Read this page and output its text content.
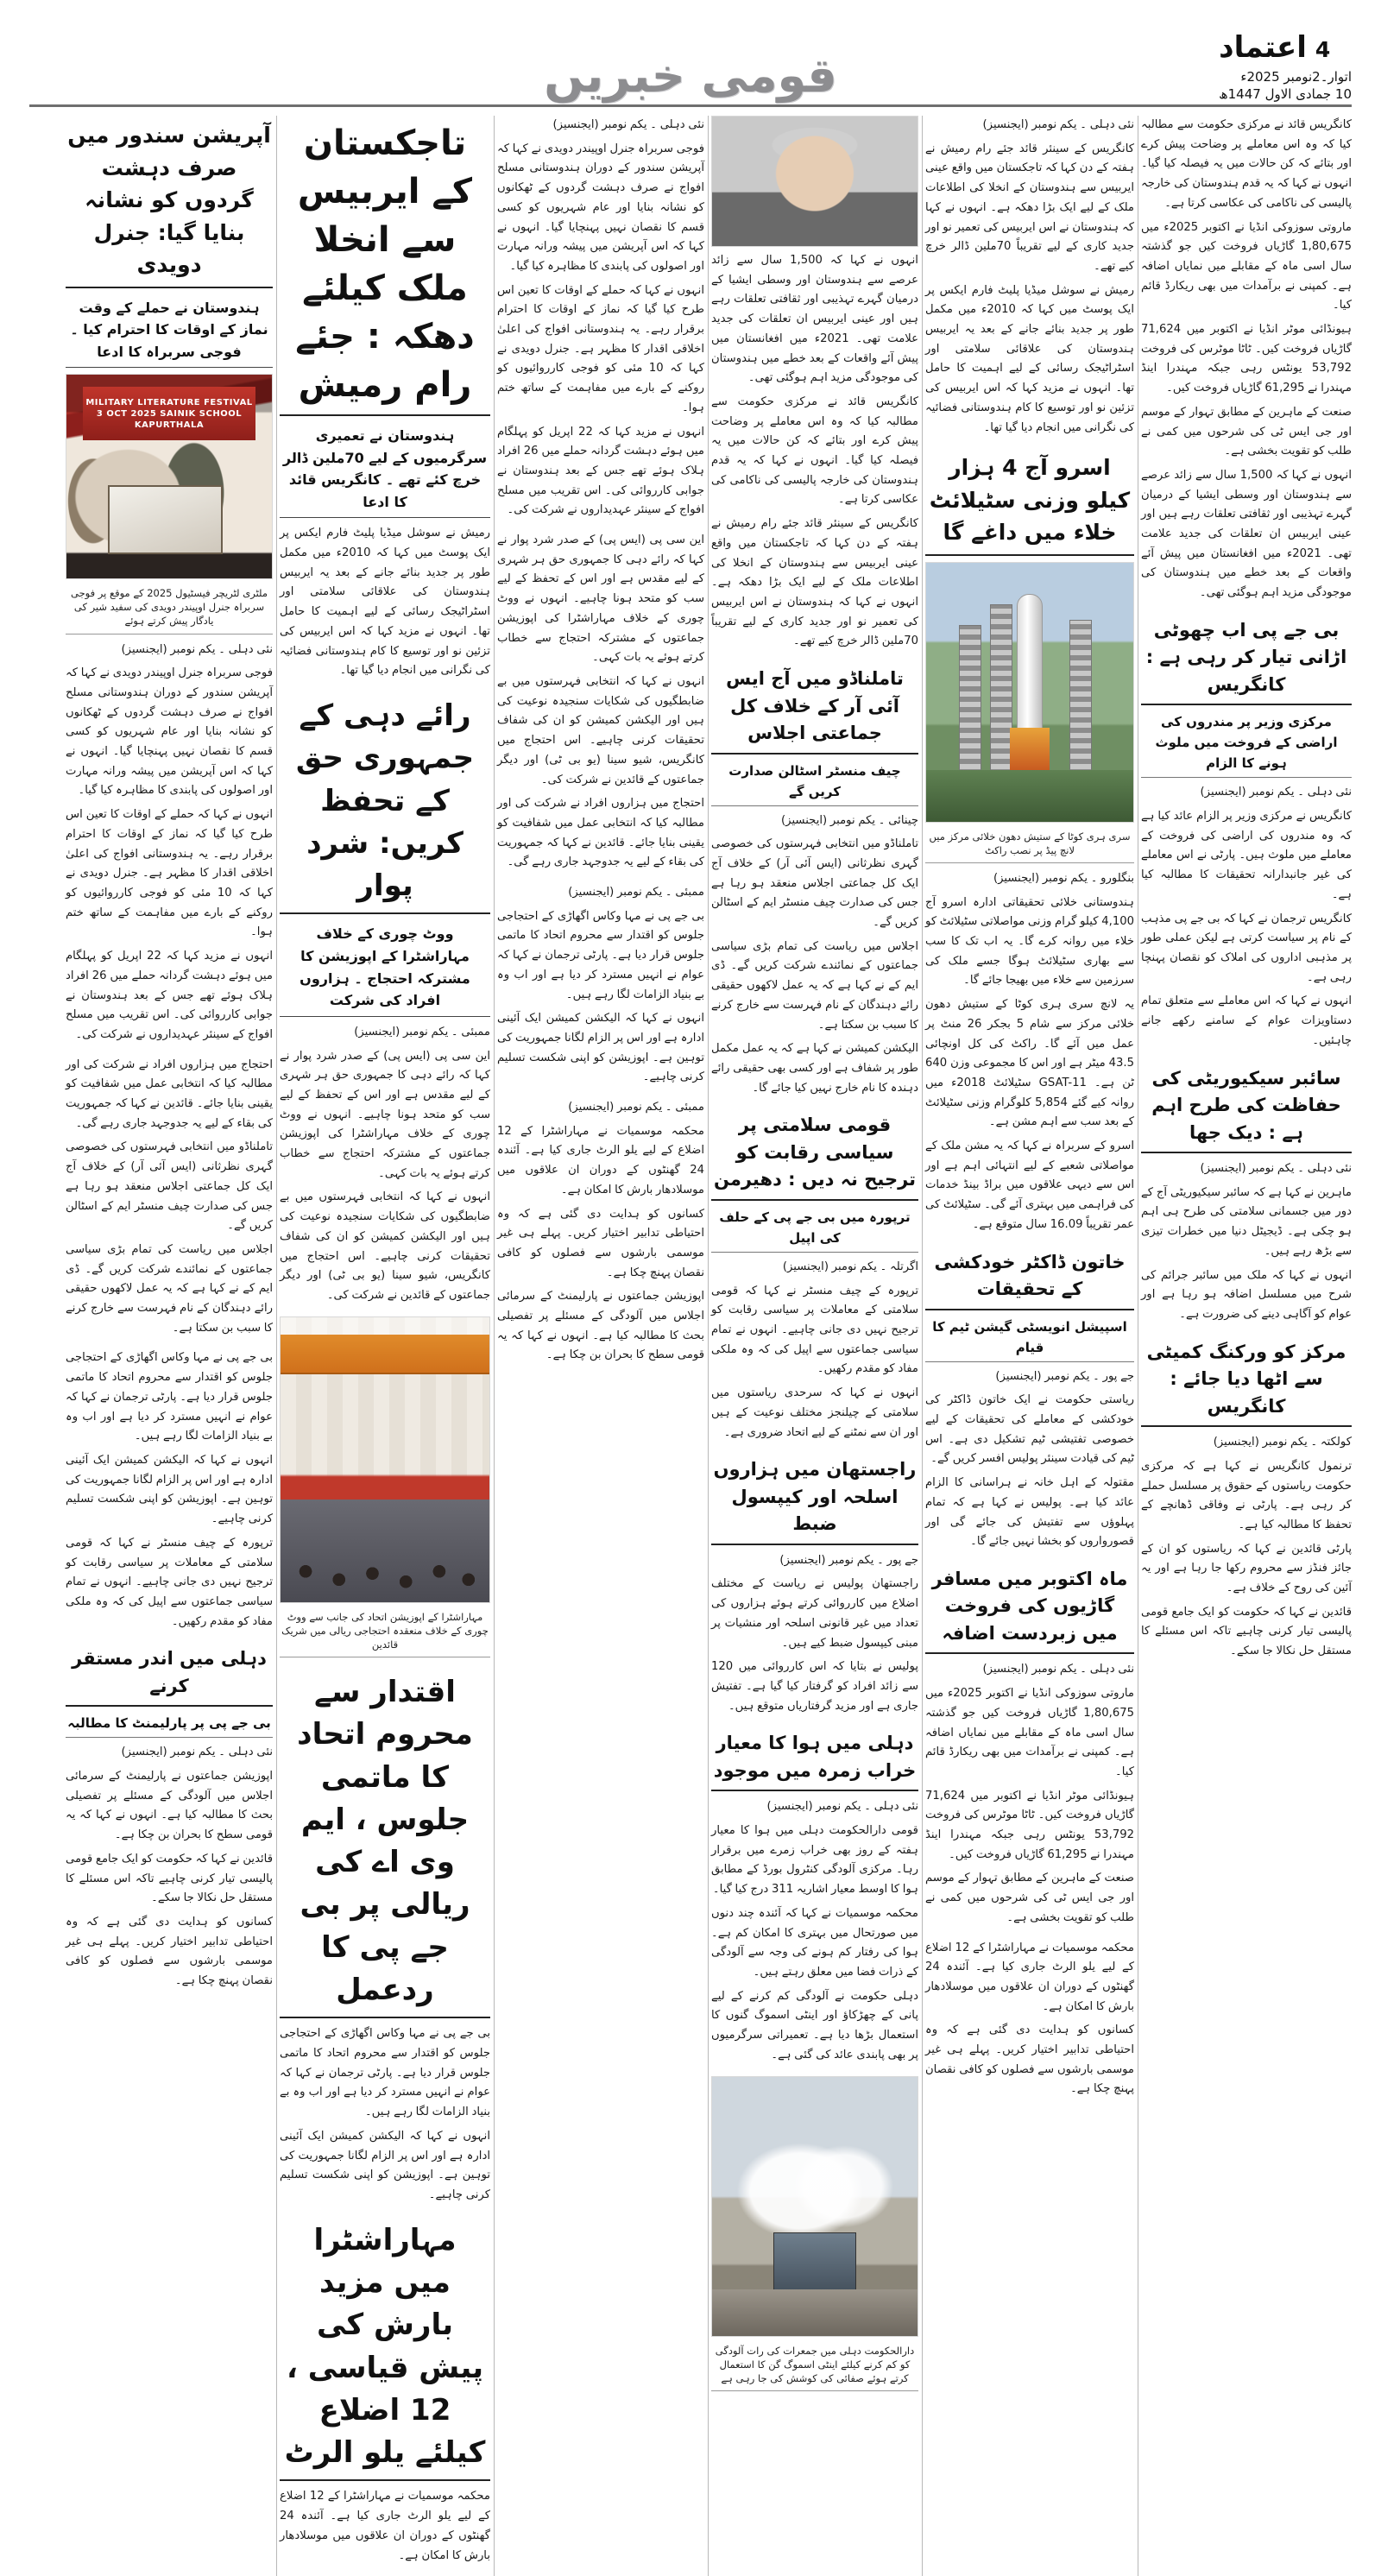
قومی خبریں	4
اعتماد
اتوار۔2نومبر 2025ء
10 جمادی الاول 1447ھ

کانگریس قائد نے مرکزی حکومت سے مطالبہ کیا کہ وہ اس معاملے پر وضاحت پیش کرے اور بتائے کہ کن حالات میں یہ فیصلہ کیا گیا۔ انہوں نے کہا کہ یہ قدم ہندوستان کی خارجہ پالیسی کی ناکامی کی عکاسی کرتا ہے۔

ماروتی سوزوکی انڈیا نے اکتوبر 2025ء میں 1,80,675 گاڑیاں فروخت کیں جو گذشتہ سال اسی ماہ کے مقابلے میں نمایاں اضافہ ہے۔ کمپنی نے برآمدات میں بھی ریکارڈ قائم کیا۔

ہیونڈائی موٹر انڈیا نے اکتوبر میں 71,624 گاڑیاں فروخت کیں۔ ٹاٹا موٹرس کی فروخت 53,792 یونٹس رہی جبکہ مہندرا اینڈ مہندرا نے 61,295 گاڑیاں فروخت کیں۔

صنعت کے ماہرین کے مطابق تہوار کے موسم اور جی ایس ٹی کی شرحوں میں کمی نے طلب کو تقویت بخشی ہے۔

انہوں نے کہا کہ 1,500 سال سے زائد عرصے سے ہندوستان اور وسطی ایشیا کے درمیان گہرے تہذیبی اور ثقافتی تعلقات رہے ہیں اور عینی ایربیس ان تعلقات کی جدید علامت تھی۔ 2021ء میں افغانستان میں پیش آئے واقعات کے بعد خطے میں ہندوستان کی موجودگی مزید اہم ہوگئی تھی۔

بی جے پی اب چھوٹی اڑانی تیار کر رہی ہے : کانگریس
مرکزی وزیر پر مندروں کی اراضی کے فروخت میں ملوث ہونے کا الزام

نئی دہلی ۔ یکم نومبر (ایجنسیز)

کانگریس نے مرکزی وزیر پر الزام عائد کیا ہے کہ وہ مندروں کی اراضی کی فروخت کے معاملے میں ملوث ہیں۔ پارٹی نے اس معاملے کی غیر جانبدارانہ تحقیقات کا مطالبہ کیا ہے۔

کانگریس ترجمان نے کہا کہ بی جے پی مذہب کے نام پر سیاست کرتی ہے لیکن عملی طور پر مذہبی اداروں کی املاک کو نقصان پہنچا رہی ہے۔

انہوں نے کہا کہ اس معاملے سے متعلق تمام دستاویزات عوام کے سامنے رکھے جانے چاہئیں۔

سائبر سیکیوریٹی کی حفاظت کی طرح اہم ہے : دیک جھا

نئی دہلی ۔ یکم نومبر (ایجنسیز)

ماہرین نے کہا ہے کہ سائبر سیکیوریٹی آج کے دور میں جسمانی سلامتی کی طرح ہی اہم ہو چکی ہے۔ ڈیجیٹل دنیا میں خطرات تیزی سے بڑھ رہے ہیں۔

انہوں نے کہا کہ ملک میں سائبر جرائم کی شرح میں مسلسل اضافہ ہو رہا ہے اور عوام کو آگاہی دینے کی ضرورت ہے۔

مرکز کو ورکنگ کمیٹی سے اٹھا دیا جائے : کانگریس

کولکتہ ۔ یکم نومبر (ایجنسیز)

ترنمول کانگریس نے کہا ہے کہ مرکزی حکومت ریاستوں کے حقوق پر مسلسل حملے کر رہی ہے۔ پارٹی نے وفاقی ڈھانچے کے تحفظ کا مطالبہ کیا ہے۔

پارٹی قائدین نے کہا کہ ریاستوں کو ان کے جائز فنڈز سے محروم رکھا جا رہا ہے اور یہ آئین کی روح کے خلاف ہے۔

قائدین نے کہا کہ حکومت کو ایک جامع قومی پالیسی تیار کرنی چاہیے تاکہ اس مسئلے کا مستقل حل نکالا جا سکے۔

نئی دہلی ۔ یکم نومبر (ایجنسیز)

کانگریس کے سینئر قائد جئے رام رمیش نے ہفتہ کے دن کہا کہ تاجکستان میں واقع عینی ایربیس سے ہندوستان کے انخلا کی اطلاعات ملک کے لیے ایک بڑا دھکہ ہے۔ انہوں نے کہا کہ ہندوستان نے اس ایربیس کی تعمیر نو اور جدید کاری کے لیے تقریباً 70ملین ڈالر خرچ کیے تھے۔

رمیش نے سوشل میڈیا پلیٹ فارم ایکس پر ایک پوسٹ میں کہا کہ 2010ء میں مکمل طور پر جدید بنائے جانے کے بعد یہ ایربیس ہندوستان کی علاقائی سلامتی اور اسٹراٹیجک رسائی کے لیے اہمیت کا حامل تھا۔ انہوں نے مزید کہا کہ اس ایربیس کی تزئین نو اور توسیع کا کام ہندوستانی فضائیہ کی نگرانی میں انجام دیا گیا تھا۔

اسرو آج 4 ہزار کیلو وزنی سٹیلائٹ خلاء میں داغے گا
سری ہری کوٹا کے ستیش دھون خلائی مرکز میں لانچ پیڈ پر نصب راکٹ

بنگلورو ۔ یکم نومبر (ایجنسیز)

ہندوستانی خلائی تحقیقاتی ادارہ اسرو آج 4,100 کیلو گرام وزنی مواصلاتی سٹیلائٹ کو خلاء میں روانہ کرے گا۔ یہ اب تک کا سب سے بھاری سٹیلائٹ ہوگا جسے ملک کی سرزمین سے خلاء میں بھیجا جائے گا۔

یہ لانچ سری ہری کوٹا کے ستیش دھون خلائی مرکز سے شام 5 بجکر 26 منٹ پر عمل میں آئے گا۔ راکٹ کی کل اونچائی 43.5 میٹر ہے اور اس کا مجموعی وزن 640 ٹن ہے۔ GSAT-11 سٹیلائٹ 2018ء میں روانہ کیے گئے 5,854 کلوگرام وزنی سٹیلائٹ کے بعد سب سے اہم مشن ہے۔

اسرو کے سربراہ نے کہا کہ یہ مشن ملک کے مواصلاتی شعبے کے لیے انتہائی اہم ہے اور اس سے دیہی علاقوں میں براڈ بینڈ خدمات کی فراہمی میں بہتری آئے گی۔ سٹیلائٹ کی عمر تقریباً 16.09 سال متوقع ہے۔

خاتون ڈاکٹر خودکشی کے تحقیقات
اسپیشل انویسٹی گیشن ٹیم کا قیام

جے پور ۔ یکم نومبر (ایجنسیز)

ریاستی حکومت نے ایک خاتون ڈاکٹر کی خودکشی کے معاملے کی تحقیقات کے لیے خصوصی تفتیشی ٹیم تشکیل دی ہے۔ اس ٹیم کی قیادت سینئر پولیس افسر کریں گے۔

مقتولہ کے اہل خانہ نے ہراسانی کا الزام عائد کیا ہے۔ پولیس نے کہا ہے کہ تمام پہلوؤں سے تفتیش کی جائے گی اور قصورواروں کو بخشا نہیں جائے گا۔

ماہ اکتوبر میں مسافر گاڑیوں کی فروخت میں زبردست اضافہ

نئی دہلی ۔ یکم نومبر (ایجنسیز)

ماروتی سوزوکی انڈیا نے اکتوبر 2025ء میں 1,80,675 گاڑیاں فروخت کیں جو گذشتہ سال اسی ماہ کے مقابلے میں نمایاں اضافہ ہے۔ کمپنی نے برآمدات میں بھی ریکارڈ قائم کیا۔

ہیونڈائی موٹر انڈیا نے اکتوبر میں 71,624 گاڑیاں فروخت کیں۔ ٹاٹا موٹرس کی فروخت 53,792 یونٹس رہی جبکہ مہندرا اینڈ مہندرا نے 61,295 گاڑیاں فروخت کیں۔

صنعت کے ماہرین کے مطابق تہوار کے موسم اور جی ایس ٹی کی شرحوں میں کمی نے طلب کو تقویت بخشی ہے۔

محکمہ موسمیات نے مہاراشٹرا کے 12 اضلاع کے لیے یلو الرٹ جاری کیا ہے۔ آئندہ 24 گھنٹوں کے دوران ان علاقوں میں موسلادھار بارش کا امکان ہے۔

کسانوں کو ہدایت دی گئی ہے کہ وہ احتیاطی تدابیر اختیار کریں۔ پہلے ہی غیر موسمی بارشوں سے فصلوں کو کافی نقصان پہنچ چکا ہے۔

انہوں نے کہا کہ 1,500 سال سے زائد عرصے سے ہندوستان اور وسطی ایشیا کے درمیان گہرے تہذیبی اور ثقافتی تعلقات رہے ہیں اور عینی ایربیس ان تعلقات کی جدید علامت تھی۔ 2021ء میں افغانستان میں پیش آئے واقعات کے بعد خطے میں ہندوستان کی موجودگی مزید اہم ہوگئی تھی۔

کانگریس قائد نے مرکزی حکومت سے مطالبہ کیا کہ وہ اس معاملے پر وضاحت پیش کرے اور بتائے کہ کن حالات میں یہ فیصلہ کیا گیا۔ انہوں نے کہا کہ یہ قدم ہندوستان کی خارجہ پالیسی کی ناکامی کی عکاسی کرتا ہے۔

کانگریس کے سینئر قائد جئے رام رمیش نے ہفتہ کے دن کہا کہ تاجکستان میں واقع عینی ایربیس سے ہندوستان کے انخلا کی اطلاعات ملک کے لیے ایک بڑا دھکہ ہے۔ انہوں نے کہا کہ ہندوستان نے اس ایربیس کی تعمیر نو اور جدید کاری کے لیے تقریباً 70ملین ڈالر خرچ کیے تھے۔

تاملناڈو میں آج ایس آئی آر کے خلاف کل جماعتی اجلاس
چیف منسٹر اسٹالن صدارت کریں گے

چینائی ۔ یکم نومبر (ایجنسیز)

تاملناڈو میں انتخابی فہرستوں کی خصوصی گہری نظرثانی (ایس آئی آر) کے خلاف آج ایک کل جماعتی اجلاس منعقد ہو رہا ہے جس کی صدارت چیف منسٹر ایم کے اسٹالن کریں گے۔

اجلاس میں ریاست کی تمام بڑی سیاسی جماعتوں کے نمائندے شرکت کریں گے۔ ڈی ایم کے نے کہا ہے کہ یہ عمل لاکھوں حقیقی رائے دہندگان کے نام فہرست سے خارج کرنے کا سبب بن سکتا ہے۔

الیکشن کمیشن نے کہا ہے کہ یہ عمل مکمل طور پر شفاف ہے اور کسی بھی حقیقی رائے دہندہ کا نام خارج نہیں کیا جائے گا۔

قومی سلامتی پر سیاسی رقابت کو ترجیح نہ دیں : دھیرمن
ترپورہ میں بی جے پی کے حلف کی اپیل

اگرتلہ ۔ یکم نومبر (ایجنسیز)

ترپورہ کے چیف منسٹر نے کہا کہ قومی سلامتی کے معاملات پر سیاسی رقابت کو ترجیح نہیں دی جانی چاہیے۔ انہوں نے تمام سیاسی جماعتوں سے اپیل کی کہ وہ ملکی مفاد کو مقدم رکھیں۔

انہوں نے کہا کہ سرحدی ریاستوں میں سلامتی کے چیلنجز مختلف نوعیت کے ہیں اور ان سے نمٹنے کے لیے اتحاد ضروری ہے۔

راجستھان میں ہزاروں اسلحہ اور کیپسول ضبط

جے پور ۔ یکم نومبر (ایجنسیز)

راجستھان پولیس نے ریاست کے مختلف اضلاع میں کارروائی کرتے ہوئے ہزاروں کی تعداد میں غیر قانونی اسلحہ اور منشیات پر مبنی کیپسول ضبط کیے ہیں۔

پولیس نے بتایا کہ اس کارروائی میں 120 سے زائد افراد کو گرفتار کیا گیا ہے۔ تفتیش جاری ہے اور مزید گرفتاریاں متوقع ہیں۔

دہلی میں ہوا کا معیار خراب زمرہ میں موجود

نئی دہلی ۔ یکم نومبر (ایجنسیز)

قومی دارالحکومت دہلی میں ہوا کا معیار ہفتہ کے روز بھی خراب زمرے میں برقرار رہا۔ مرکزی آلودگی کنٹرول بورڈ کے مطابق ہوا کا اوسط معیار اشاریہ 311 درج کیا گیا۔

محکمہ موسمیات نے کہا کہ آئندہ چند دنوں میں صورتحال میں بہتری کا امکان کم ہے۔ ہوا کی رفتار کم ہونے کی وجہ سے آلودگی کے ذرات فضا میں معلق رہتے ہیں۔

دہلی حکومت نے آلودگی کم کرنے کے لیے پانی کے چھڑکاؤ اور اینٹی اسموگ گنوں کا استعمال بڑھا دیا ہے۔ تعمیراتی سرگرمیوں پر بھی پابندی عائد کی گئی ہے۔

دارالحکومت دہلی میں جمعرات کی رات آلودگی کو کم کرنے کیلئے اینٹی اسموگ گن کا استعمال کرتے ہوئے صفائی کی کوشش کی جا رہی ہے

نئی دہلی ۔ یکم نومبر (ایجنسیز)

فوجی سربراہ جنرل اوپیندر دویدی نے کہا کہ آپریشن سندور کے دوران ہندوستانی مسلح افواج نے صرف دہشت گردوں کے ٹھکانوں کو نشانہ بنایا اور عام شہریوں کو کسی قسم کا نقصان نہیں پہنچایا گیا۔ انہوں نے کہا کہ اس آپریشن میں پیشہ ورانہ مہارت اور اصولوں کی پابندی کا مظاہرہ کیا گیا۔

انہوں نے کہا کہ حملے کے اوقات کا تعین اس طرح کیا گیا کہ نماز کے اوقات کا احترام برقرار رہے۔ یہ ہندوستانی افواج کی اعلیٰ اخلاقی اقدار کا مظہر ہے۔ جنرل دویدی نے کہا کہ 10 مئی کو فوجی کارروائیوں کو روکنے کے بارے میں مفاہمت کے ساتھ ختم ہوا۔

انہوں نے مزید کہا کہ 22 اپریل کو پہلگام میں ہوئے دہشت گردانہ حملے میں 26 افراد ہلاک ہوئے تھے جس کے بعد ہندوستان نے جوابی کارروائی کی۔ اس تقریب میں مسلح افواج کے سینئر عہدیداروں نے شرکت کی۔

این سی پی (ایس پی) کے صدر شرد پوار نے کہا کہ رائے دہی کا جمہوری حق ہر شہری کے لیے مقدس ہے اور اس کے تحفظ کے لیے سب کو متحد ہونا چاہیے۔ انہوں نے ووٹ چوری کے خلاف مہاراشٹرا کی اپوزیشن جماعتوں کے مشترکہ احتجاج سے خطاب کرتے ہوئے یہ بات کہی۔

انہوں نے کہا کہ انتخابی فہرستوں میں بے ضابطگیوں کی شکایات سنجیدہ نوعیت کی ہیں اور الیکشن کمیشن کو ان کی شفاف تحقیقات کرنی چاہیے۔ اس احتجاج میں کانگریس، شیو سینا (یو بی ٹی) اور دیگر جماعتوں کے قائدین نے شرکت کی۔

احتجاج میں ہزاروں افراد نے شرکت کی اور مطالبہ کیا کہ انتخابی عمل میں شفافیت کو یقینی بنایا جائے۔ قائدین نے کہا کہ جمہوریت کی بقاء کے لیے یہ جدوجہد جاری رہے گی۔

ممبئی ۔ یکم نومبر (ایجنسیز)

بی جے پی نے مہا وکاس اگھاڑی کے احتجاجی جلوس کو اقتدار سے محروم اتحاد کا ماتمی جلوس قرار دیا ہے۔ پارٹی ترجمان نے کہا کہ عوام نے انہیں مسترد کر دیا ہے اور اب وہ بے بنیاد الزامات لگا رہے ہیں۔

انہوں نے کہا کہ الیکشن کمیشن ایک آئینی ادارہ ہے اور اس پر الزام لگانا جمہوریت کی توہین ہے۔ اپوزیشن کو اپنی شکست تسلیم کرنی چاہیے۔

ممبئی ۔ یکم نومبر (ایجنسیز)

محکمہ موسمیات نے مہاراشٹرا کے 12 اضلاع کے لیے یلو الرٹ جاری کیا ہے۔ آئندہ 24 گھنٹوں کے دوران ان علاقوں میں موسلادھار بارش کا امکان ہے۔

کسانوں کو ہدایت دی گئی ہے کہ وہ احتیاطی تدابیر اختیار کریں۔ پہلے ہی غیر موسمی بارشوں سے فصلوں کو کافی نقصان پہنچ چکا ہے۔

اپوزیشن جماعتوں نے پارلیمنٹ کے سرمائی اجلاس میں آلودگی کے مسئلے پر تفصیلی بحث کا مطالبہ کیا ہے۔ انہوں نے کہا کہ یہ قومی سطح کا بحران بن چکا ہے۔

تاجکستان کے ایربیس سے انخلا ملک کیلئے دھکہ : جئے رام رمیش
ہندوستان نے تعمیری سرگرمیوں کے لیے 70ملین ڈالر خرچ کئے تھے ۔ کانگریس قائد کا ادعا

رمیش نے سوشل میڈیا پلیٹ فارم ایکس پر ایک پوسٹ میں کہا کہ 2010ء میں مکمل طور پر جدید بنائے جانے کے بعد یہ ایربیس ہندوستان کی علاقائی سلامتی اور اسٹراٹیجک رسائی کے لیے اہمیت کا حامل تھا۔ انہوں نے مزید کہا کہ اس ایربیس کی تزئین نو اور توسیع کا کام ہندوستانی فضائیہ کی نگرانی میں انجام دیا گیا تھا۔

رائے دہی کے جمہوری حق کے تحفظ کریں: شرد پوار
ووٹ چوری کے خلاف مہاراشٹرا کے اپوزیشن کا مشترکہ احتجاج ۔ ہزاروں افراد کی شرکت

ممبئی ۔ یکم نومبر (ایجنسیز)

این سی پی (ایس پی) کے صدر شرد پوار نے کہا کہ رائے دہی کا جمہوری حق ہر شہری کے لیے مقدس ہے اور اس کے تحفظ کے لیے سب کو متحد ہونا چاہیے۔ انہوں نے ووٹ چوری کے خلاف مہاراشٹرا کی اپوزیشن جماعتوں کے مشترکہ احتجاج سے خطاب کرتے ہوئے یہ بات کہی۔

انہوں نے کہا کہ انتخابی فہرستوں میں بے ضابطگیوں کی شکایات سنجیدہ نوعیت کی ہیں اور الیکشن کمیشن کو ان کی شفاف تحقیقات کرنی چاہیے۔ اس احتجاج میں کانگریس، شیو سینا (یو بی ٹی) اور دیگر جماعتوں کے قائدین نے شرکت کی۔

مہاراشٹرا کے اپوزیشن اتحاد کی جانب سے ووٹ چوری کے خلاف منعقدہ احتجاجی ریالی میں شریک قائدین
اقتدار سے محروم اتحاد کا ماتمی جلوس ، ایم وی اے کی ریالی پر بی جے پی کا ردعمل

بی جے پی نے مہا وکاس اگھاڑی کے احتجاجی جلوس کو اقتدار سے محروم اتحاد کا ماتمی جلوس قرار دیا ہے۔ پارٹی ترجمان نے کہا کہ عوام نے انہیں مسترد کر دیا ہے اور اب وہ بے بنیاد الزامات لگا رہے ہیں۔

انہوں نے کہا کہ الیکشن کمیشن ایک آئینی ادارہ ہے اور اس پر الزام لگانا جمہوریت کی توہین ہے۔ اپوزیشن کو اپنی شکست تسلیم کرنی چاہیے۔

مہاراشٹرا میں مزید بارش کی پیش قیاسی ، 12 اضلاع کیلئے یلو الرٹ

محکمہ موسمیات نے مہاراشٹرا کے 12 اضلاع کے لیے یلو الرٹ جاری کیا ہے۔ آئندہ 24 گھنٹوں کے دوران ان علاقوں میں موسلادھار بارش کا امکان ہے۔

آپریشن سندور میں صرف دہشت گردوں کو نشانہ بنایا گیا: جنرل دویدی
ہندوستان نے حملے کے وقت نماز کے اوقات کا احترام کیا ۔ فوجی سربراہ کا ادعا
MILITARY LITERATURE FESTIVAL 3 OCT 2025 SAINIK SCHOOL KAPURTHALA
ملٹری لٹریچر فیسٹیول 2025 کے موقع پر فوجی سربراہ جنرل اوپیندر دویدی کی سفید شیر کی یادگار پیش کرتے ہوئے

نئی دہلی ۔ یکم نومبر (ایجنسیز)

فوجی سربراہ جنرل اوپیندر دویدی نے کہا کہ آپریشن سندور کے دوران ہندوستانی مسلح افواج نے صرف دہشت گردوں کے ٹھکانوں کو نشانہ بنایا اور عام شہریوں کو کسی قسم کا نقصان نہیں پہنچایا گیا۔ انہوں نے کہا کہ اس آپریشن میں پیشہ ورانہ مہارت اور اصولوں کی پابندی کا مظاہرہ کیا گیا۔

انہوں نے کہا کہ حملے کے اوقات کا تعین اس طرح کیا گیا کہ نماز کے اوقات کا احترام برقرار رہے۔ یہ ہندوستانی افواج کی اعلیٰ اخلاقی اقدار کا مظہر ہے۔ جنرل دویدی نے کہا کہ 10 مئی کو فوجی کارروائیوں کو روکنے کے بارے میں مفاہمت کے ساتھ ختم ہوا۔

انہوں نے مزید کہا کہ 22 اپریل کو پہلگام میں ہوئے دہشت گردانہ حملے میں 26 افراد ہلاک ہوئے تھے جس کے بعد ہندوستان نے جوابی کارروائی کی۔ اس تقریب میں مسلح افواج کے سینئر عہدیداروں نے شرکت کی۔

احتجاج میں ہزاروں افراد نے شرکت کی اور مطالبہ کیا کہ انتخابی عمل میں شفافیت کو یقینی بنایا جائے۔ قائدین نے کہا کہ جمہوریت کی بقاء کے لیے یہ جدوجہد جاری رہے گی۔

تاملناڈو میں انتخابی فہرستوں کی خصوصی گہری نظرثانی (ایس آئی آر) کے خلاف آج ایک کل جماعتی اجلاس منعقد ہو رہا ہے جس کی صدارت چیف منسٹر ایم کے اسٹالن کریں گے۔

اجلاس میں ریاست کی تمام بڑی سیاسی جماعتوں کے نمائندے شرکت کریں گے۔ ڈی ایم کے نے کہا ہے کہ یہ عمل لاکھوں حقیقی رائے دہندگان کے نام فہرست سے خارج کرنے کا سبب بن سکتا ہے۔

بی جے پی نے مہا وکاس اگھاڑی کے احتجاجی جلوس کو اقتدار سے محروم اتحاد کا ماتمی جلوس قرار دیا ہے۔ پارٹی ترجمان نے کہا کہ عوام نے انہیں مسترد کر دیا ہے اور اب وہ بے بنیاد الزامات لگا رہے ہیں۔

انہوں نے کہا کہ الیکشن کمیشن ایک آئینی ادارہ ہے اور اس پر الزام لگانا جمہوریت کی توہین ہے۔ اپوزیشن کو اپنی شکست تسلیم کرنی چاہیے۔

ترپورہ کے چیف منسٹر نے کہا کہ قومی سلامتی کے معاملات پر سیاسی رقابت کو ترجیح نہیں دی جانی چاہیے۔ انہوں نے تمام سیاسی جماعتوں سے اپیل کی کہ وہ ملکی مفاد کو مقدم رکھیں۔

دہلی میں اندر مستقر کرنے
بی جے پی پر پارلیمنٹ کا مطالبہ

نئی دہلی ۔ یکم نومبر (ایجنسیز)

اپوزیشن جماعتوں نے پارلیمنٹ کے سرمائی اجلاس میں آلودگی کے مسئلے پر تفصیلی بحث کا مطالبہ کیا ہے۔ انہوں نے کہا کہ یہ قومی سطح کا بحران بن چکا ہے۔

قائدین نے کہا کہ حکومت کو ایک جامع قومی پالیسی تیار کرنی چاہیے تاکہ اس مسئلے کا مستقل حل نکالا جا سکے۔

کسانوں کو ہدایت دی گئی ہے کہ وہ احتیاطی تدابیر اختیار کریں۔ پہلے ہی غیر موسمی بارشوں سے فصلوں کو کافی نقصان پہنچ چکا ہے۔
